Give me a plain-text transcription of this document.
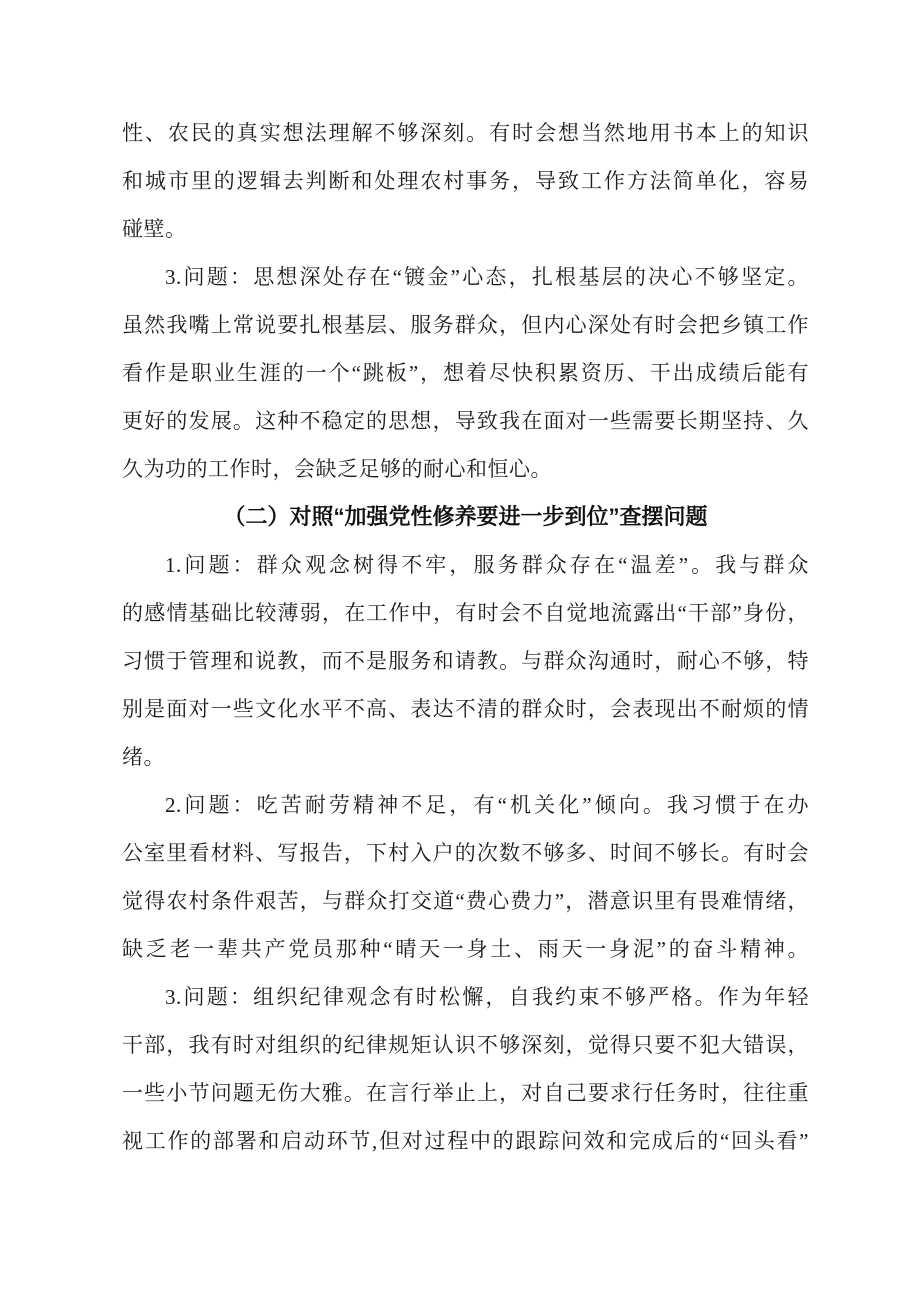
性、农民的真实想法理解不够深刻。有时会想当然地用书本上的知识
和城市里的逻辑去判断和处理农村事务，导致工作方法简单化，容易
碰壁。
3.问题：思想深处存在“镀金”心态，扎根基层的决心不够坚定。
虽然我嘴上常说要扎根基层、服务群众，但内心深处有时会把乡镇工作
看作是职业生涯的一个“跳板”，想着尽快积累资历、干出成绩后能有
更好的发展。这种不稳定的思想，导致我在面对一些需要长期坚持、久
久为功的工作时，会缺乏足够的耐心和恒心。
（二）对照“加强党性修养要进一步到位”查摆问题
1.问题：群众观念树得不牢，服务群众存在“温差”。我与群众
的感情基础比较薄弱，在工作中，有时会不自觉地流露出“干部”身份，
习惯于管理和说教，而不是服务和请教。与群众沟通时，耐心不够，特
别是面对一些文化水平不高、表达不清的群众时，会表现出不耐烦的情
绪。
2.问题：吃苦耐劳精神不足，有“机关化”倾向。我习惯于在办
公室里看材料、写报告，下村入户的次数不够多、时间不够长。有时会
觉得农村条件艰苦，与群众打交道“费心费力”，潜意识里有畏难情绪，
缺乏老一辈共产党员那种“晴天一身土、雨天一身泥”的奋斗精神。
3.问题：组织纪律观念有时松懈，自我约束不够严格。作为年轻
干部，我有时对组织的纪律规矩认识不够深刻，觉得只要不犯大错误，
一些小节问题无伤大雅。在言行举止上，对自己要求行任务时，往往重
视工作的部署和启动环节,但对过程中的跟踪问效和完成后的“回头看”
